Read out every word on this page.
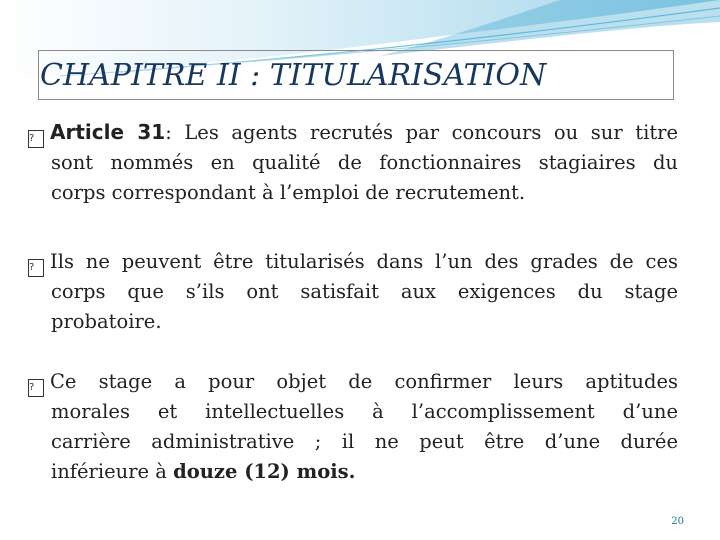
CHAPITRE II : TITULARISATION
? Article 31: Les agents recrutés par concours ou sur titre
sont nommés en qualité de fonctionnaires stagiaires du
corps correspondant à l’emploi de recrutement.
? Ils ne peuvent être titularisés dans l’un des grades de ces
corps que s’ils ont satisfait aux exigences du stage
probatoire.
? Ce stage a pour objet de confirmer leurs aptitudes
morales et intellectuelles à l’accomplissement d’une
carrière administrative ; il ne peut être d’une durée
inférieure à douze (12) mois.
20
